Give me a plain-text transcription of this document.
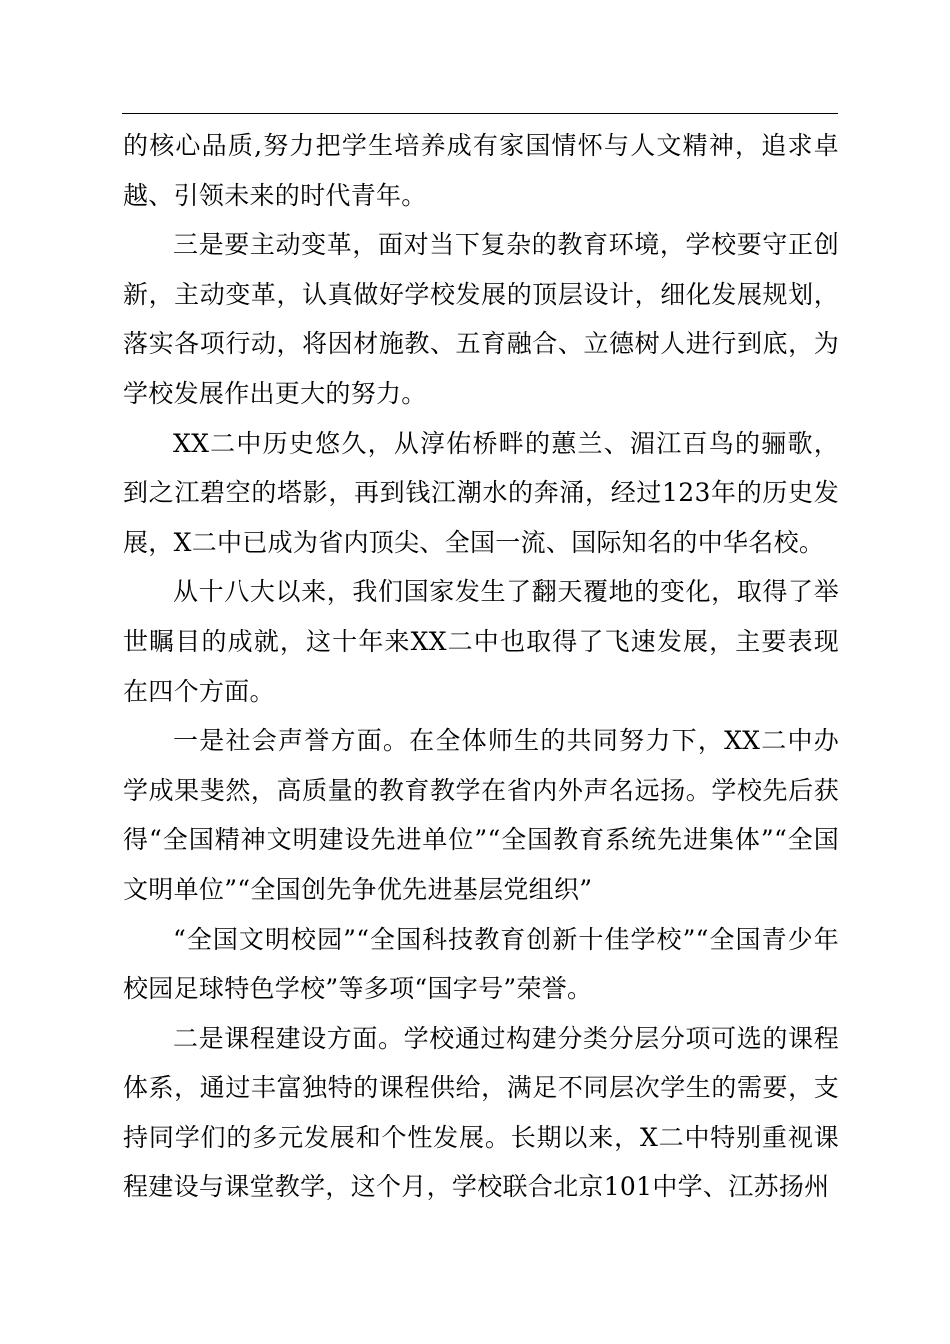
的核心品质,努力把学生培养成有家国情怀与人文精神，追求卓越、引领未来的时代青年。

三是要主动变革，面对当下复杂的教育环境，学校要守正创新，主动变革，认真做好学校发展的顶层设计，细化发展规划，落实各项行动，将因材施教、五育融合、立德树人进行到底，为学校发展作出更大的努力。

XX二中历史悠久，从淳佑桥畔的蕙兰、湄江百鸟的骊歌，到之江碧空的塔影，再到钱江潮水的奔涌，经过123年的历史发展，X二中已成为省内顶尖、全国一流、国际知名的中华名校。

从十八大以来，我们国家发生了翻天覆地的变化，取得了举世瞩目的成就，这十年来XX二中也取得了飞速发展，主要表现在四个方面。

一是社会声誉方面。在全体师生的共同努力下，XX二中办学成果斐然，高质量的教育教学在省内外声名远扬。学校先后获得“全国精神文明建设先进单位”“全国教育系统先进集体”“全国文明单位”“全国创先争优先进基层党组织”

“全国文明校园”“全国科技教育创新十佳学校”“全国青少年校园足球特色学校”等多项“国字号”荣誉。

二是课程建设方面。学校通过构建分类分层分项可选的课程体系，通过丰富独特的课程供给，满足不同层次学生的需要，支持同学们的多元发展和个性发展。长期以来，X二中特别重视课程建设与课堂教学，这个月，学校联合北京101中学、江苏扬州
